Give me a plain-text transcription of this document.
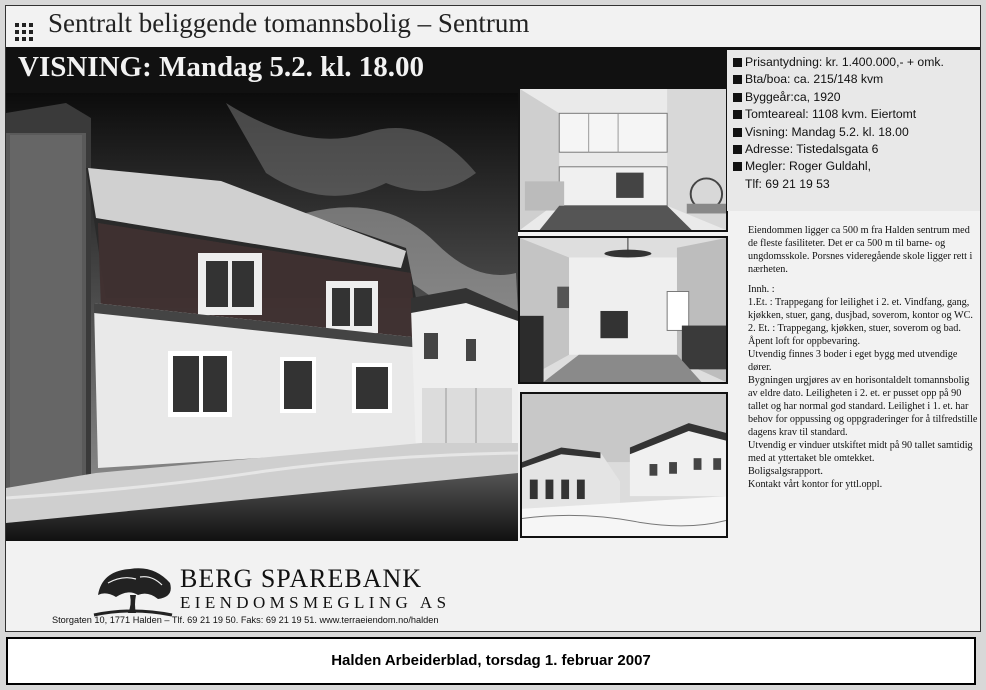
Sentralt beliggende tomannsbolig – Sentrum
VISNING: Mandag 5.2. kl. 18.00	Prisantydning: kr. 1.400.000,- + omk.
Bta/boa: ca. 215/148 kvm
Byggeår:ca, 1920
Tomteareal: 1108 kvm. Eiertomt
Visning: Mandag 5.2. kl. 18.00
Adresse: Tistedalsgata 6
Megler: Roger Guldahl,
Tlf: 69 21 19 53

Eiendommen ligger ca 500 m fra Halden sentrum med de fleste fasiliteter. Det er ca 500 m til barne- og ungdomsskole. Porsnes videregående skole ligger rett i nærheten.

Innh. :
1.Et. : Trappegang for leilighet i 2. et. Vindfang, gang, kjøkken, stuer, gang, dusjbad, soverom, kontor og WC.
2. Et. : Trappegang, kjøkken, stuer, soverom og bad.
Åpent loft for oppbevaring.
Utvendig finnes 3 boder i eget bygg med utvendige dører.
Bygningen urgjøres av en horisontaldelt tomannsbolig av eldre dato. Leiligheten i 2. et. er pusset opp på 90 tallet og har normal god standard. Leilighet i 1. et. har behov for oppussing og oppgraderinger for å tilfredstille dagens krav til standard.
Utvendig er vinduer utskiftet midt på 90 tallet samtidig med at yttertaket ble omtekket.
Boligsalgsrapport.
Kontakt vårt kontor for yttl.oppl.
BERG SPAREBANK
EIENDOMSMEGLING AS
Storgaten 10, 1771 Halden – Tlf. 69 21 19 50. Faks: 69 21 19 51. www.terraeiendom.no/halden
Halden Arbeiderblad, torsdag 1. februar 2007
